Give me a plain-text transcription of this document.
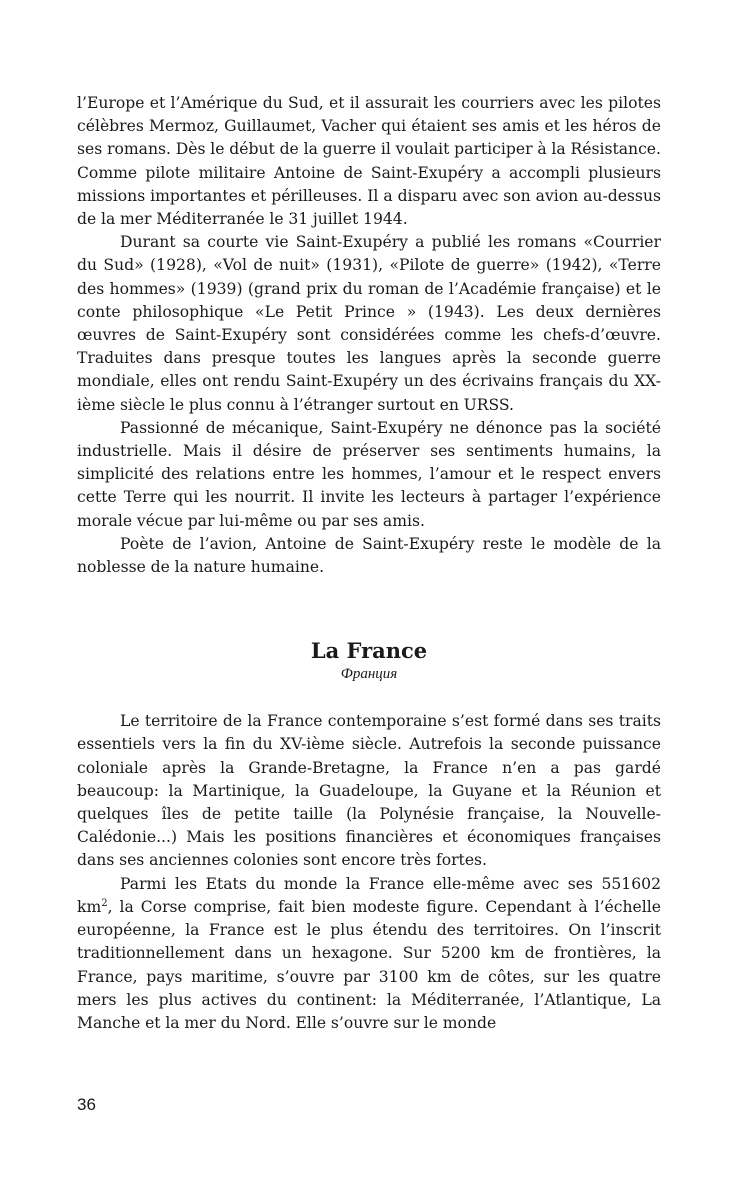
l’Europe et l’Amérique du Sud, et il assurait les courriers avec les pilotes célèbres Mermoz, Guillaumet, Vacher qui étaient ses amis et les héros de ses romans. Dès le début de la guerre il voulait participer à la Résistance. Comme pilote militaire Antoine de Saint-Exupéry a accompli plusieurs missions importantes et périlleuses. Il a disparu avec son avion au-dessus de la mer Méditerranée le 31 juillet 1944.

Durant sa courte vie Saint-Exupéry a publié les romans «Courrier du Sud» (1928), «Vol de nuit» (1931), «Pilote de guerre» (1942), «Terre des hommes» (1939) (grand prix du roman de l’Académie française) et le conte philosophique «Le Petit Prince » (1943). Les deux dernières œuvres de Saint-Exupéry sont considérées comme les chefs-d’œuvre. Traduites dans presque toutes les langues après la seconde guerre mondiale, elles ont rendu Saint-Exupéry un des écrivains français du XX-ième siècle le plus connu à l’étranger surtout en URSS.

Passionné de mécanique, Saint-Exupéry ne dénonce pas la société industrielle. Mais il désire de préserver ses sentiments humains, la simplicité des relations entre les hommes, l’amour et le respect envers cette Terre qui les nourrit. Il invite les lecteurs à partager l’expérience morale vécue par lui-même ou par ses amis.

Poète de l’avion, Antoine de Saint-Exupéry reste le modèle de la noblesse de la nature humaine.

La France
Франция

Le territoire de la France contemporaine s’est formé dans ses traits essentiels vers la fin du XV-ième siècle. Autrefois la seconde puissance coloniale après la Grande-Bretagne, la France n’en a pas gardé beaucoup: la Martinique, la Guadeloupe, la Guyane et la Réunion et quelques îles de petite taille (la Polynésie française, la Nouvelle-Calédonie...) Mais les positions financières et économiques françaises dans ses anciennes colonies sont encore très fortes.

Parmi les Etats du monde la France elle-même avec ses 551602 $km^2$, la Corse comprise, fait bien modeste figure. Cependant à l’échelle européenne, la France est le plus étendu des territoires. On l’inscrit traditionnellement dans un hexagone. Sur 5200 km de frontières, la France, pays maritime, s’ouvre par 3100 km de côtes, sur les quatre mers les plus actives du continent: la Méditerranée, l’Atlantique, La Manche et la mer du Nord. Elle s’ouvre sur le monde

36
